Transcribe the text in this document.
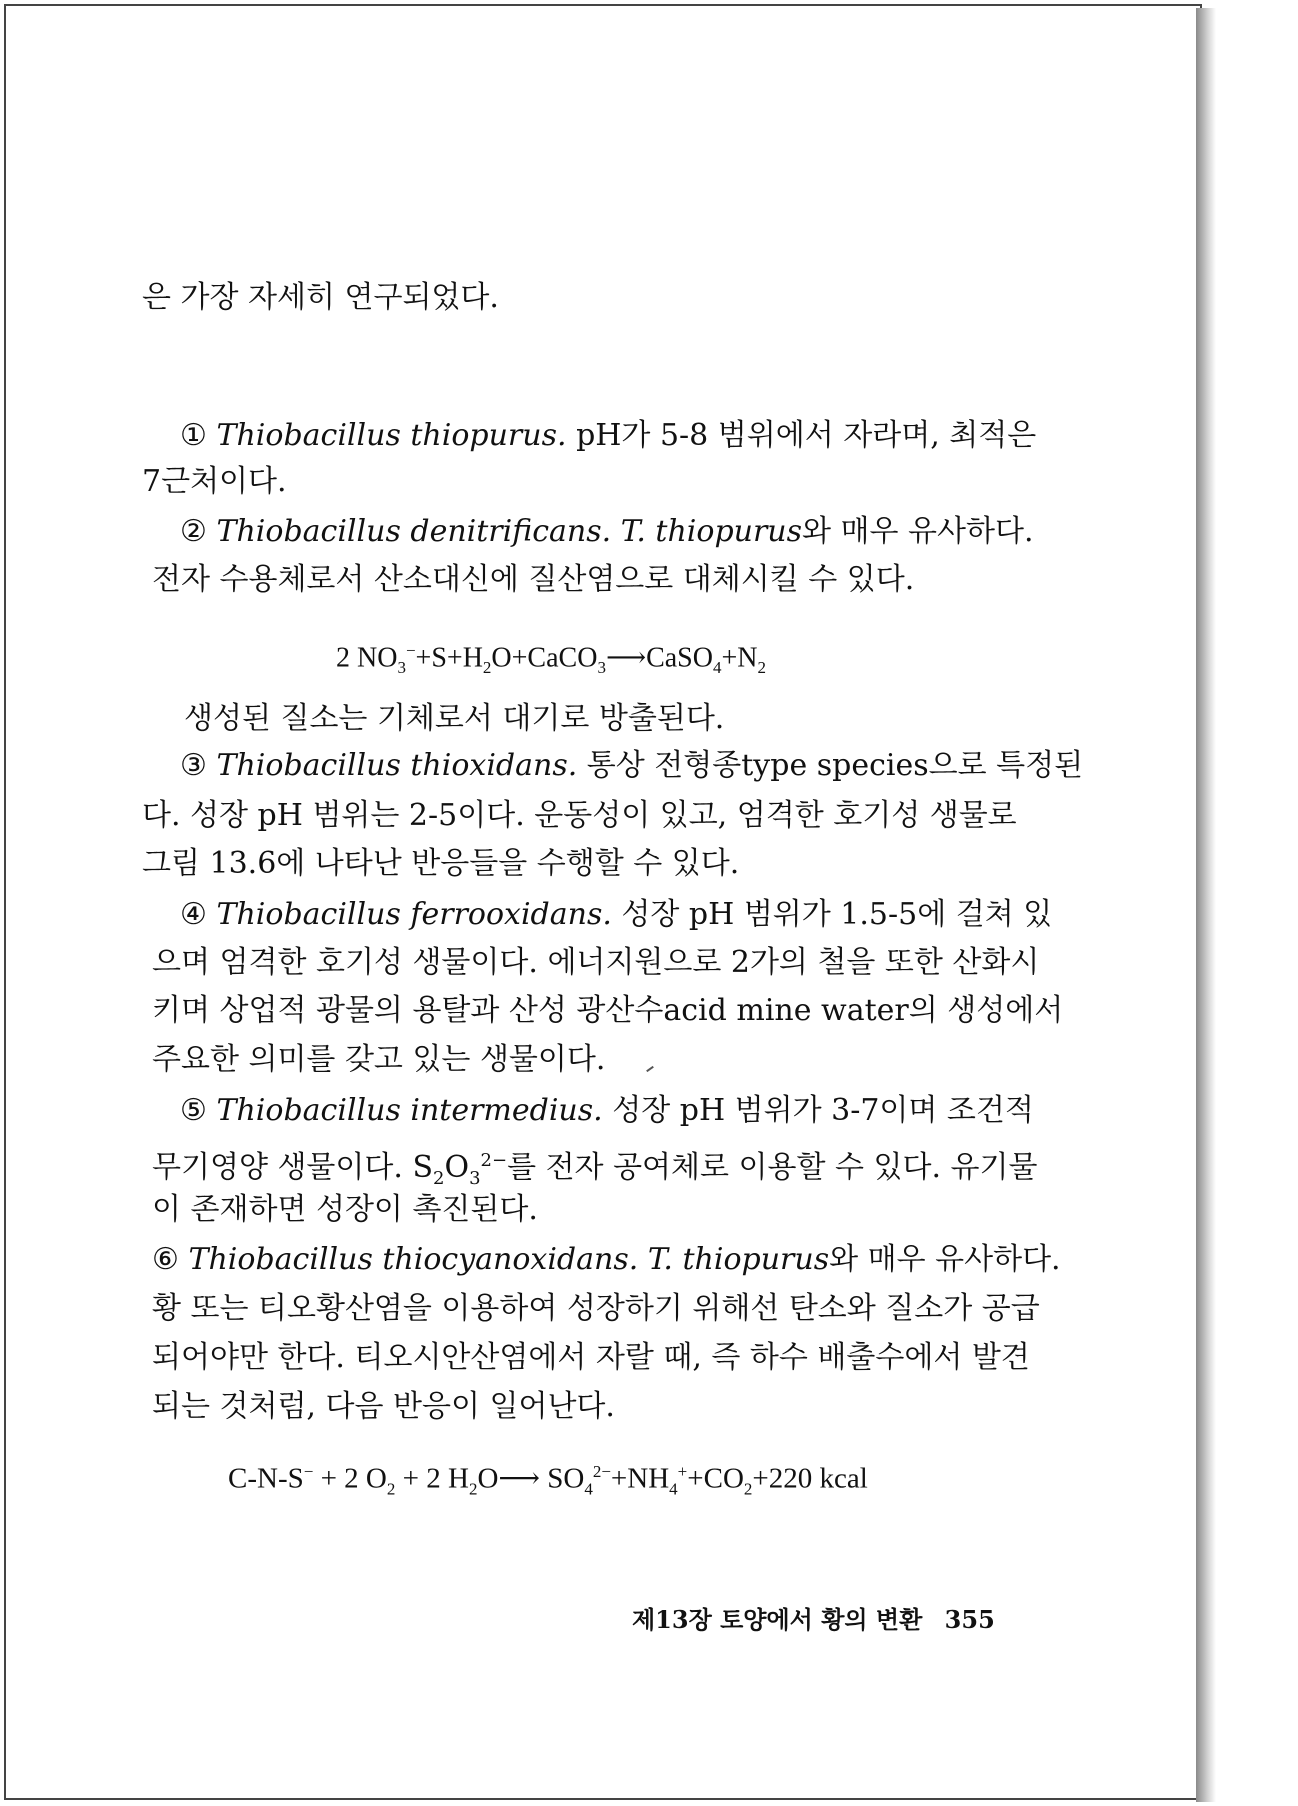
은 가장 자세히 연구되었다.
① Thiobacillus thiopurus. pH가 5-8 범위에서 자라며, 최적은
7근처이다.
② Thiobacillus denitrificans. T. thiopurus와 매우 유사하다.
전자 수용체로서 산소대신에 질산염으로 대체시킬 수 있다.
2 $NO_3^-+S+H_2O+CaCO_3⟶CaSO_4+N_2$
생성된 질소는 기체로서 대기로 방출된다.
③ Thiobacillus thioxidans. 통상 전형종type species으로 특정된
다. 성장 pH 범위는 2-5이다. 운동성이 있고, 엄격한 호기성 생물로
그림 13.6에 나타난 반응들을 수행할 수 있다.
④ Thiobacillus ferrooxidans. 성장 pH 범위가 1.5-5에 걸쳐 있
으며 엄격한 호기성 생물이다. 에너지원으로 2가의 철을 또한 산화시
키며 상업적 광물의 용탈과 산성 광산수acid mine water의 생성에서
주요한 의미를 갖고 있는 생물이다.
⑤ Thiobacillus intermedius. 성장 pH 범위가 3-7이며 조건적
무기영양 생물이다. $S_2O_3^{2-}$를 전자 공여체로 이용할 수 있다. 유기물
이 존재하면 성장이 촉진된다.
⑥ Thiobacillus thiocyanoxidans. T. thiopurus와 매우 유사하다.
황 또는 티오황산염을 이용하여 성장하기 위해선 탄소와 질소가 공급
되어야만 한다. 티오시안산염에서 자랄 때, 즉 하수 배출수에서 발견
되는 것처럼, 다음 반응이 일어난다.
C-N-S− + 2 $O_2 + 2$ $H_2O⟶$ $SO_4^{2-}+NH_4^++CO_2+220$ kcal
제13장 토양에서 황의 변환 355
